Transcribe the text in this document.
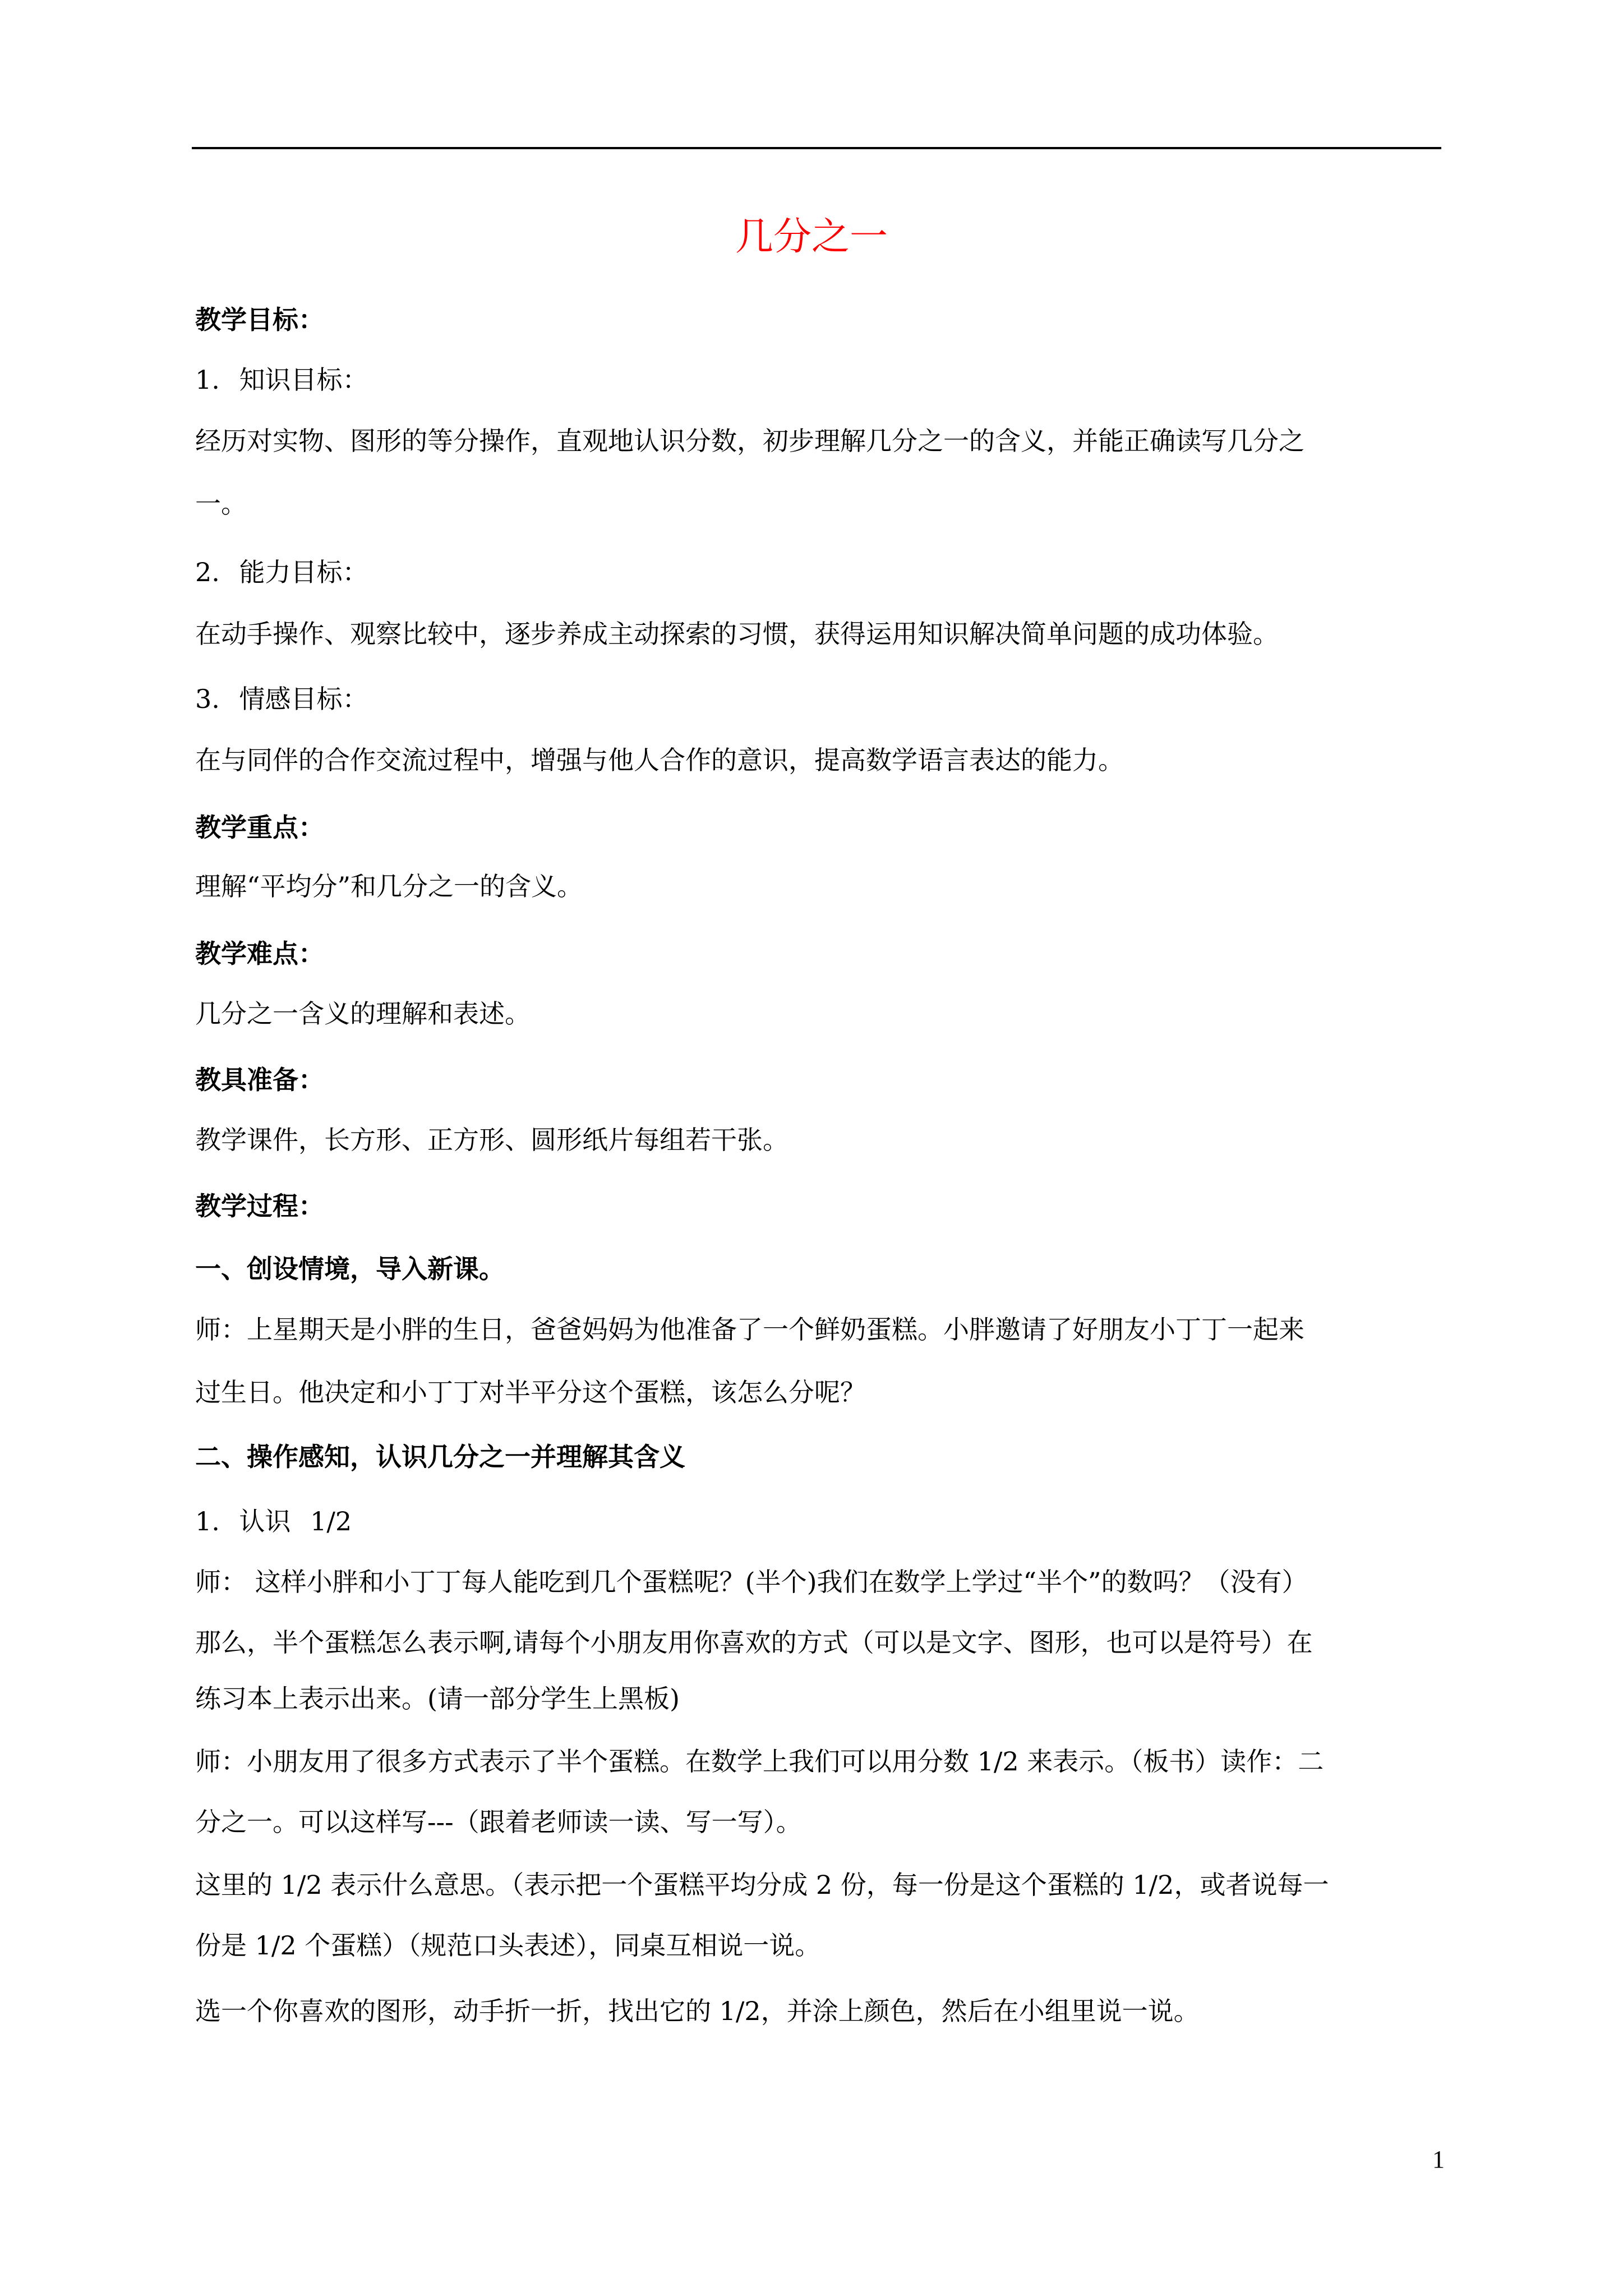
几分之一

教学目标：

1. 知识目标：

经历对实物、图形的等分操作，直观地认识分数，初步理解几分之一的含义，并能正确读写几分之

一。

2. 能力目标：

在动手操作、观察比较中，逐步养成主动探索的习惯，获得运用知识解决简单问题的成功体验。

3. 情感目标：

在与同伴的合作交流过程中，增强与他人合作的意识，提高数学语言表达的能力。

教学重点：

理解“平均分”和几分之一的含义。

教学难点：

几分之一含义的理解和表述。

教具准备：

教学课件，长方形、正方形、圆形纸片每组若干张。

教学过程：

一、创设情境，导入新课。

师：上星期天是小胖的生日，爸爸妈妈为他准备了一个鲜奶蛋糕。小胖邀请了好朋友小丁丁一起来

过生日。他决定和小丁丁对半平分这个蛋糕，该怎么分呢？

二、操作感知，认识几分之一并理解其含义

1. 认识 1/2

师： 这样小胖和小丁丁每人能吃到几个蛋糕呢？(半个)我们在数学上学过“半个”的数吗？（没有）

那么，半个蛋糕怎么表示啊,请每个小朋友用你喜欢的方式（可以是文字、图形，也可以是符号）在

练习本上表示出来。(请一部分学生上黑板)

师：小朋友用了很多方式表示了半个蛋糕。在数学上我们可以用分数 1/2 来表示。（板书）读作：二

分之一。可以这样写---（跟着老师读一读、写一写）。

这里的 1/2 表示什么意思。（表示把一个蛋糕平均分成 2 份，每一份是这个蛋糕的 1/2，或者说每一

份是 1/2 个蛋糕）（规范口头表述），同桌互相说一说。

选一个你喜欢的图形，动手折一折，找出它的 1/2，并涂上颜色，然后在小组里说一说。

1
